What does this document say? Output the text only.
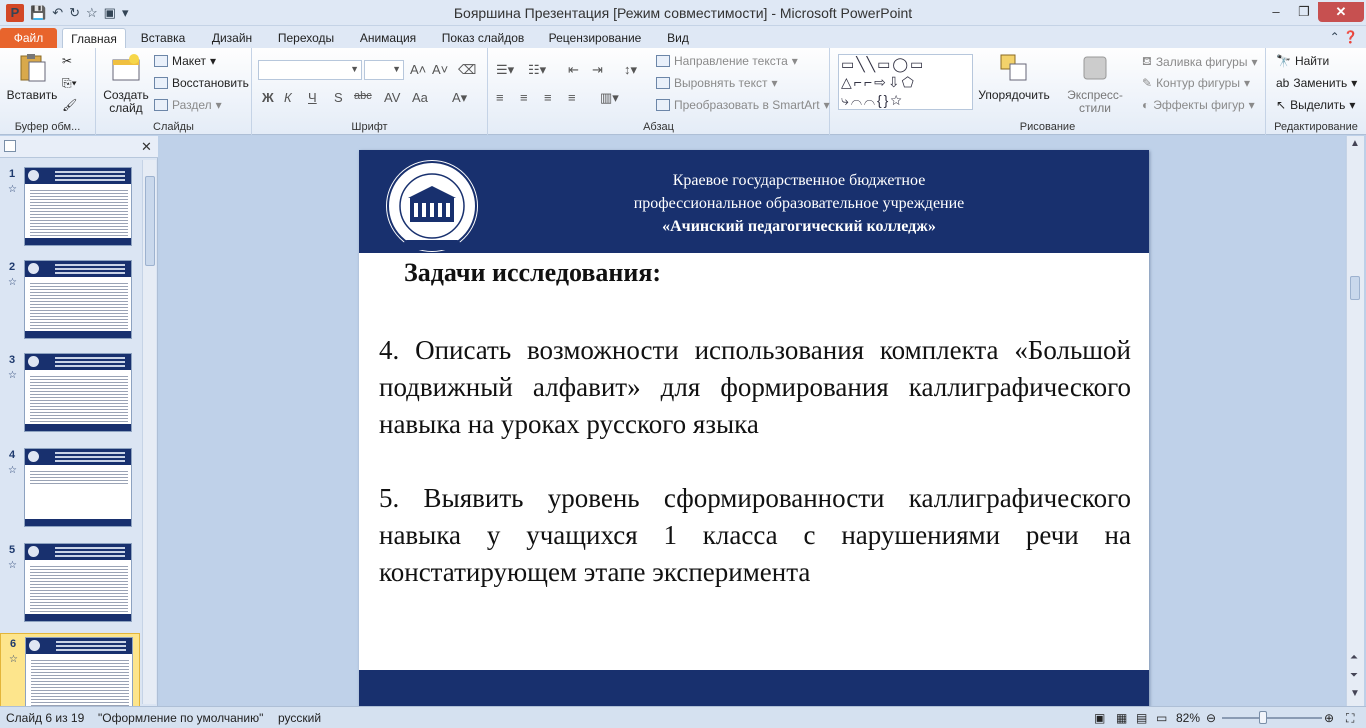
P 💾 ↶ ↻ ☆ ▣ ▾	Бояршина Презентация [Режим совместимости] - Microsoft PowerPoint	–	❐	✕
Файл	Главная	Вставка	Дизайн	Переходы	Анимация	Показ слайдов	Рецензирование	Вид	⌃ ❓
Вставить
✂
⎘▾
🖌
Буфер обм...
Создать слайд
Макет ▾
Восстановить
Раздел ▾
Слайды
▼	▼ A˄ A˅ ⌫
Ж К Ч S abc AV Aa A▾
Шрифт
☰▾ ☷▾ ⇤ ⇥ ↕▾
≡ ≡ ≡ ≡ ▥▾
Направление текста ▾
Выровнять текст ▾
Преобразовать в SmartArt ▾
Абзац	Рисование
Упорядочить	Экспресс-стили
⛾ Заливка фигуры ▾
✎ Контур фигуры ▾
◐ Эффекты фигур ▾
▭╲╲▭◯▭
△⌐⌐⇨⇩⬠
⤷⌒⌒{}☆
🔭 Найти
ab Заменить ▾
↖ Выделить ▾
Редактирование
✕
1
☆
2
☆
3
☆
4
☆
5
☆
6
☆
Краевое государственное бюджетное
профессиональное образовательное учреждение
«Ачинский педагогический колледж»
Задачи исследования:
4. Описать возможности использования комплекта «Большой подвижный алфавит» для формирования каллиграфического навыка на уроках русского языка
5. Выявить уровень сформированности каллиграфического навыка у учащихся 1 класса с нарушениями речи на констатирующем этапе эксперимента
▲
⏶
⏷
▼
Слайд 6 из 19 "Оформление по умолчанию" русский	▣ ▦ ▤ ▭ 82% ⊖	⊕ ⛶
